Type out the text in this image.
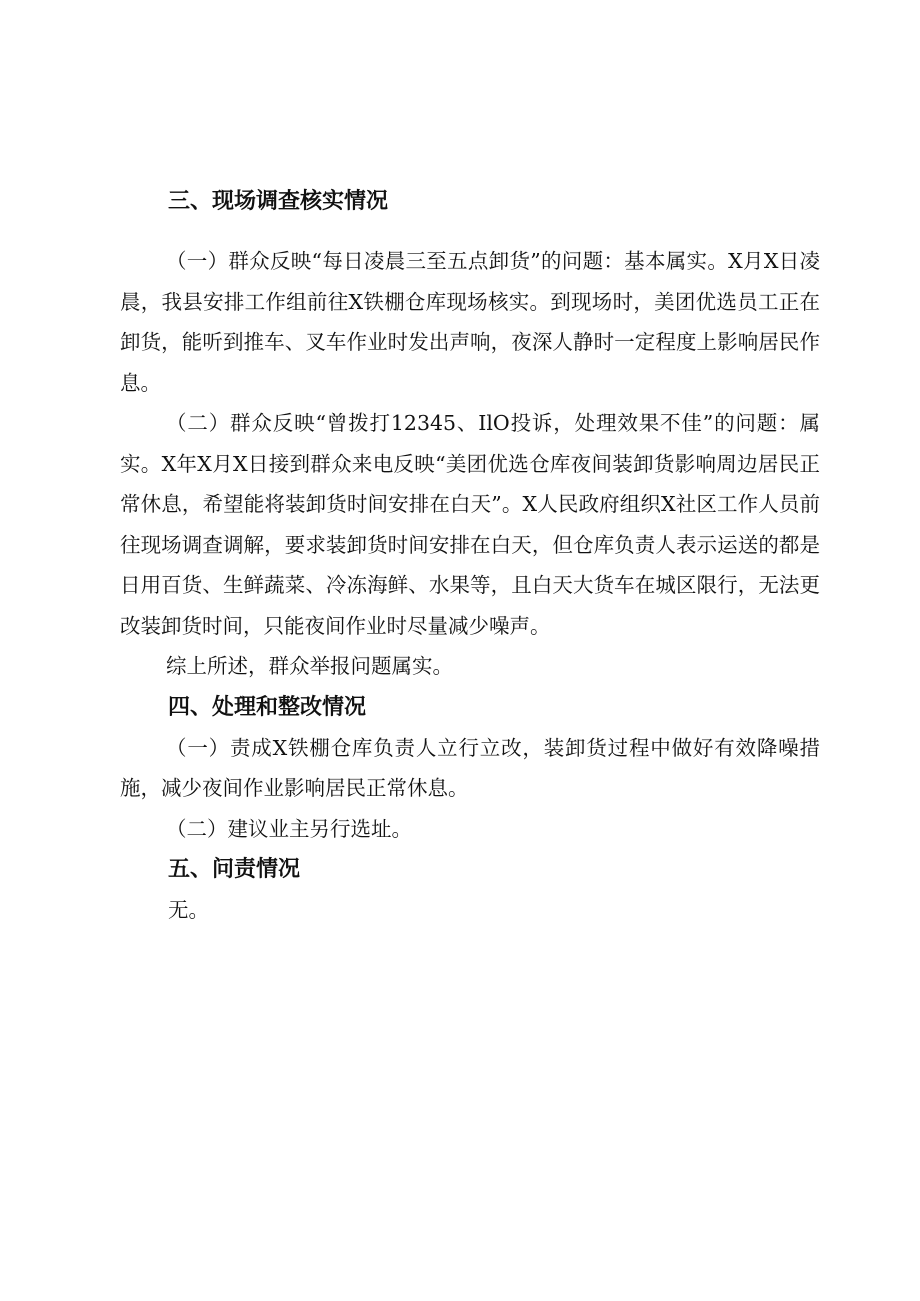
三、现场调查核实情况

（一）群众反映“每日凌晨三至五点卸货”的问题：基本属实。X月X日凌晨，我县安排工作组前往X铁棚仓库现场核实。到现场时，美团优选员工正在卸货，能听到推车、叉车作业时发出声响，夜深人静时一定程度上影响居民作息。

（二）群众反映“曾拨打12345、IlO投诉，处理效果不佳”的问题：属实。X年X月X日接到群众来电反映“美团优选仓库夜间装卸货影响周边居民正常休息，希望能将装卸货时间安排在白天”。X人民政府组织X社区工作人员前往现场调查调解，要求装卸货时间安排在白天，但仓库负责人表示运送的都是日用百货、生鲜蔬菜、冷冻海鲜、水果等，且白天大货车在城区限行，无法更改装卸货时间，只能夜间作业时尽量减少噪声。

综上所述，群众举报问题属实。

四、处理和整改情况

（一）责成X铁棚仓库负责人立行立改，装卸货过程中做好有效降噪措施，减少夜间作业影响居民正常休息。

（二）建议业主另行选址。

五、问责情况

无。
